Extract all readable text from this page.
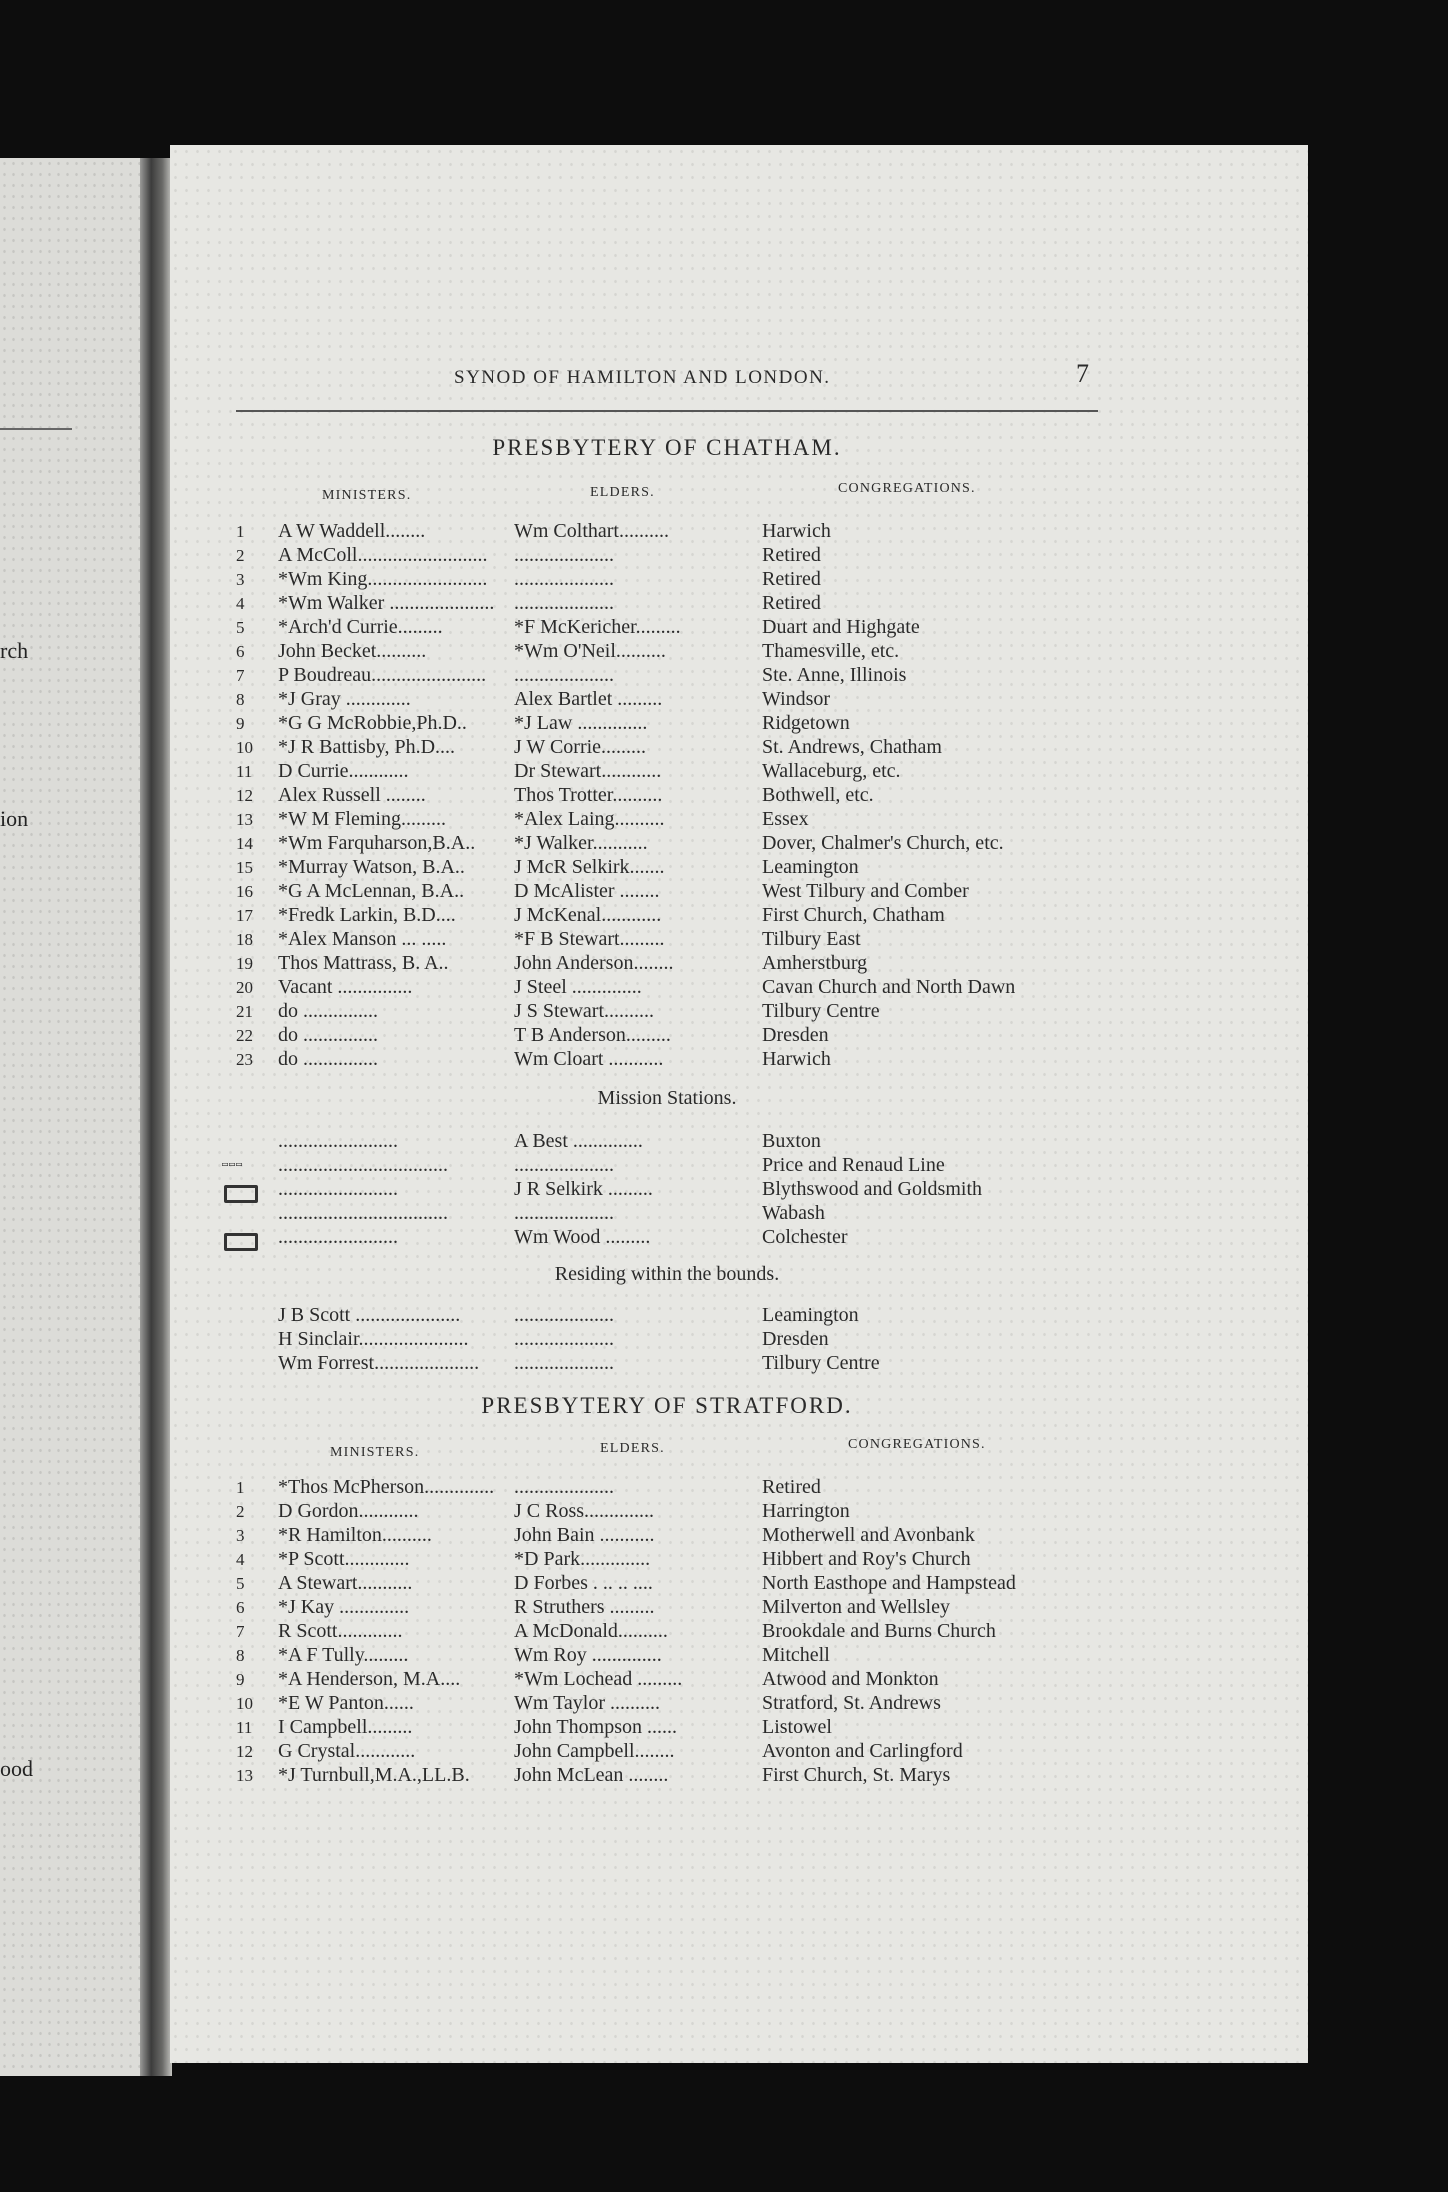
rch
ion
ood
SYNOD OF HAMILTON AND LONDON.	7
PRESBYTERY OF CHATHAM.
MINISTERS.	ELDERS.	CONGREGATIONS.
1	A W Waddell........	Wm Colthart..........	Harwich
2	A McColl..........................	....................	Retired
3	*Wm King........................	....................	Retired
4	*Wm Walker ..................... ....................	Retired
5	*Arch'd Currie.........	*F McKericher.........	Duart and Highgate
6	John Becket..........	*Wm O'Neil..........	Thamesville, etc.
7	P Boudreau.......................	....................	Ste. Anne, Illinois
8	*J Gray .............	Alex Bartlet .........	Windsor
9	*G G McRobbie,Ph.D..	*J Law ..............	Ridgetown
10	*J R Battisby, Ph.D....	J W Corrie.........	St. Andrews, Chatham
11	D Currie............	Dr Stewart............	Wallaceburg, etc.
12	Alex Russell ........	Thos Trotter..........	Bothwell, etc.
13	*W M Fleming.........	*Alex Laing..........	Essex
14	*Wm Farquharson,B.A..	*J Walker...........	Dover, Chalmer's Church, etc.
15	*Murray Watson, B.A..	J McR Selkirk.......	Leamington
16	*G A McLennan, B.A..	D McAlister ........	West Tilbury and Comber
17	*Fredk Larkin, B.D....	J McKenal............	First Church, Chatham
18	*Alex Manson ... .....	*F B Stewart.........	Tilbury East
19	Thos Mattrass, B. A..	John Anderson........	Amherstburg
20	Vacant ...............	J Steel ..............	Cavan Church and North Dawn
21	do ...............	J S Stewart..........	Tilbury Centre
22	do ...............	T B Anderson.........	Dresden
23	do ...............	Wm Cloart ...........	Harwich
Mission Stations.
▭▭▭
........................	A Best ..............	Buxton
..................................	....................	Price and Renaud Line
........................	J R Selkirk .........	Blythswood and Goldsmith
..................................	....................	Wabash
........................	Wm Wood .........	Colchester
Residing within the bounds.
J B Scott .....................	....................	Leamington
H Sinclair......................	....................	Dresden
Wm Forrest.....................	....................	Tilbury Centre
PRESBYTERY OF STRATFORD.
MINISTERS.	ELDERS.	CONGREGATIONS.
1	*Thos McPherson.............. ....................	Retired
2	D Gordon............	J C Ross..............	Harrington
3	*R Hamilton..........	John Bain ...........	Motherwell and Avonbank
4	*P Scott.............	*D Park..............	Hibbert and Roy's Church
5	A Stewart...........	D Forbes . .. .. ....	North Easthope and Hampstead
6	*J Kay ..............	R Struthers .........	Milverton and Wellsley
7	R Scott.............	A McDonald..........	Brookdale and Burns Church
8	*A F Tully.........	Wm Roy ..............	Mitchell
9	*A Henderson, M.A....	*Wm Lochead .........	Atwood and Monkton
10	*E W Panton......	Wm Taylor ..........	Stratford, St. Andrews
11	I Campbell.........	John Thompson ......	Listowel
12	G Crystal............	John Campbell........	Avonton and Carlingford
13	*J Turnbull,M.A.,LL.B.	John McLean ........	First Church, St. Marys
